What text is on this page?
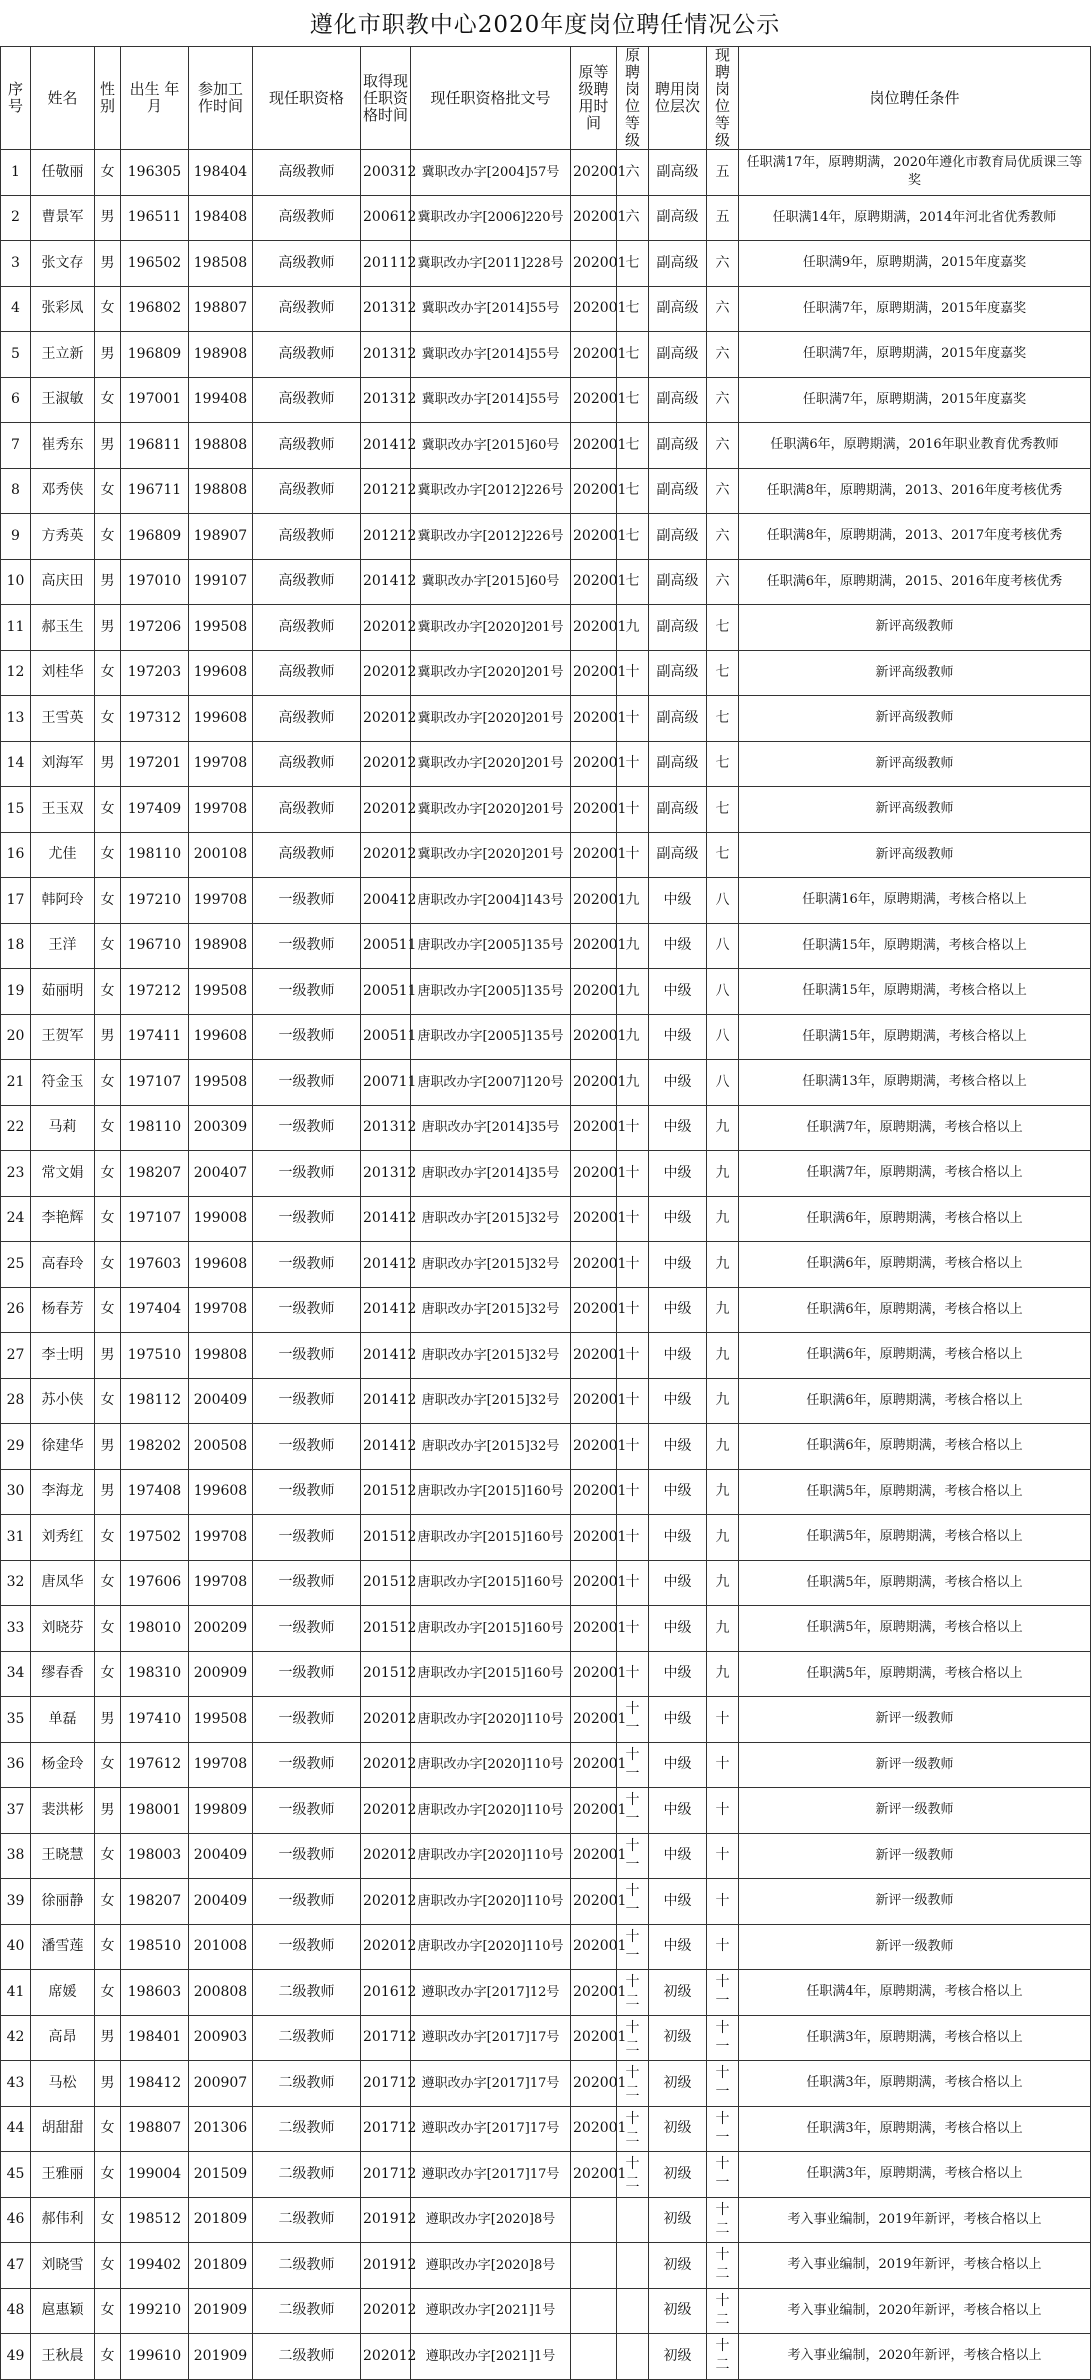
遵化市职教中心2020年度岗位聘任情况公示
序号	姓名	性别	出生 年月	参加工作时间	现任职资格	取得现任职资格时间	现任职资格批文号	原等级聘用时间	原聘岗位等级	聘用岗位层次	现聘岗位等级	岗位聘任条件
1	任敬丽	女	196305	198404	高级教师	200312	冀职改办字[2004]57号	202001	六	副高级	五	任职满17年，原聘期满，2020年遵化市教育局优质课三等奖
2	曹景军	男	196511	198408	高级教师	200612	冀职改办字[2006]220号	202001	六	副高级	五	任职满14年，原聘期满，2014年河北省优秀教师
3	张文存	男	196502	198508	高级教师	201112	冀职改办字[2011]228号	202001	七	副高级	六	任职满9年，原聘期满，2015年度嘉奖
4	张彩凤	女	196802	198807	高级教师	201312	冀职改办字[2014]55号	202001	七	副高级	六	任职满7年，原聘期满，2015年度嘉奖
5	王立新	男	196809	198908	高级教师	201312	冀职改办字[2014]55号	202001	七	副高级	六	任职满7年，原聘期满，2015年度嘉奖
6	王淑敏	女	197001	199408	高级教师	201312	冀职改办字[2014]55号	202001	七	副高级	六	任职满7年，原聘期满，2015年度嘉奖
7	崔秀东	男	196811	198808	高级教师	201412	冀职改办字[2015]60号	202001	七	副高级	六	任职满6年，原聘期满，2016年职业教育优秀教师
8	邓秀侠	女	196711	198808	高级教师	201212	冀职改办字[2012]226号	202001	七	副高级	六	任职满8年，原聘期满，2013、2016年度考核优秀
9	方秀英	女	196809	198907	高级教师	201212	冀职改办字[2012]226号	202001	七	副高级	六	任职满8年，原聘期满，2013、2017年度考核优秀
10	高庆田	男	197010	199107	高级教师	201412	冀职改办字[2015]60号	202001	七	副高级	六	任职满6年，原聘期满，2015、2016年度考核优秀
11	郝玉生	男	197206	199508	高级教师	202012	冀职改办字[2020]201号	202001	九	副高级	七	新评高级教师
12	刘桂华	女	197203	199608	高级教师	202012	冀职改办字[2020]201号	202001	十	副高级	七	新评高级教师
13	王雪英	女	197312	199608	高级教师	202012	冀职改办字[2020]201号	202001	十	副高级	七	新评高级教师
14	刘海军	男	197201	199708	高级教师	202012	冀职改办字[2020]201号	202001	十	副高级	七	新评高级教师
15	王玉双	女	197409	199708	高级教师	202012	冀职改办字[2020]201号	202001	十	副高级	七	新评高级教师
16	尤佳	女	198110	200108	高级教师	202012	冀职改办字[2020]201号	202001	十	副高级	七	新评高级教师
17	韩阿玲	女	197210	199708	一级教师	200412	唐职改办字[2004]143号	202001	九	中级	八	任职满16年，原聘期满，考核合格以上
18	王洋	女	196710	198908	一级教师	200511	唐职改办字[2005]135号	202001	九	中级	八	任职满15年，原聘期满，考核合格以上
19	茹丽明	女	197212	199508	一级教师	200511	唐职改办字[2005]135号	202001	九	中级	八	任职满15年，原聘期满，考核合格以上
20	王贺军	男	197411	199608	一级教师	200511	唐职改办字[2005]135号	202001	九	中级	八	任职满15年，原聘期满，考核合格以上
21	符金玉	女	197107	199508	一级教师	200711	唐职改办字[2007]120号	202001	九	中级	八	任职满13年，原聘期满，考核合格以上
22	马莉	女	198110	200309	一级教师	201312	唐职改办字[2014]35号	202001	十	中级	九	任职满7年，原聘期满，考核合格以上
23	常文娟	女	198207	200407	一级教师	201312	唐职改办字[2014]35号	202001	十	中级	九	任职满7年，原聘期满，考核合格以上
24	李艳辉	女	197107	199008	一级教师	201412	唐职改办字[2015]32号	202001	十	中级	九	任职满6年，原聘期满，考核合格以上
25	高春玲	女	197603	199608	一级教师	201412	唐职改办字[2015]32号	202001	十	中级	九	任职满6年，原聘期满，考核合格以上
26	杨春芳	女	197404	199708	一级教师	201412	唐职改办字[2015]32号	202001	十	中级	九	任职满6年，原聘期满，考核合格以上
27	李士明	男	197510	199808	一级教师	201412	唐职改办字[2015]32号	202001	十	中级	九	任职满6年，原聘期满，考核合格以上
28	苏小侠	女	198112	200409	一级教师	201412	唐职改办字[2015]32号	202001	十	中级	九	任职满6年，原聘期满，考核合格以上
29	徐建华	男	198202	200508	一级教师	201412	唐职改办字[2015]32号	202001	十	中级	九	任职满6年，原聘期满，考核合格以上
30	李海龙	男	197408	199608	一级教师	201512	唐职改办字[2015]160号	202001	十	中级	九	任职满5年，原聘期满，考核合格以上
31	刘秀红	女	197502	199708	一级教师	201512	唐职改办字[2015]160号	202001	十	中级	九	任职满5年，原聘期满，考核合格以上
32	唐凤华	女	197606	199708	一级教师	201512	唐职改办字[2015]160号	202001	十	中级	九	任职满5年，原聘期满，考核合格以上
33	刘晓芬	女	198010	200209	一级教师	201512	唐职改办字[2015]160号	202001	十	中级	九	任职满5年，原聘期满，考核合格以上
34	缪春香	女	198310	200909	一级教师	201512	唐职改办字[2015]160号	202001	十	中级	九	任职满5年，原聘期满，考核合格以上
35	单磊	男	197410	199508	一级教师	202012	唐职改办字[2020]110号	202001	十一	中级	十	新评一级教师
36	杨金玲	女	197612	199708	一级教师	202012	唐职改办字[2020]110号	202001	十一	中级	十	新评一级教师
37	裴洪彬	男	198001	199809	一级教师	202012	唐职改办字[2020]110号	202001	十一	中级	十	新评一级教师
38	王晓慧	女	198003	200409	一级教师	202012	唐职改办字[2020]110号	202001	十一	中级	十	新评一级教师
39	徐丽静	女	198207	200409	一级教师	202012	唐职改办字[2020]110号	202001	十一	中级	十	新评一级教师
40	潘雪莲	女	198510	201008	一级教师	202012	唐职改办字[2020]110号	202001	十一	中级	十	新评一级教师
41	席媛	女	198603	200808	二级教师	201612	遵职改办字[2017]12号	202001	十二	初级	十一	任职满4年，原聘期满，考核合格以上
42	高昂	男	198401	200903	二级教师	201712	遵职改办字[2017]17号	202001	十二	初级	十一	任职满3年，原聘期满，考核合格以上
43	马松	男	198412	200907	二级教师	201712	遵职改办字[2017]17号	202001	十二	初级	十一	任职满3年，原聘期满，考核合格以上
44	胡甜甜	女	198807	201306	二级教师	201712	遵职改办字[2017]17号	202001	十二	初级	十一	任职满3年，原聘期满，考核合格以上
45	王雅丽	女	199004	201509	二级教师	201712	遵职改办字[2017]17号	202001	十二	初级	十一	任职满3年，原聘期满，考核合格以上
46	郝伟利	女	198512	201809	二级教师	201912	遵职改办字[2020]8号			初级	十二	考入事业编制，2019年新评，考核合格以上
47	刘晓雪	女	199402	201809	二级教师	201912	遵职改办字[2020]8号			初级	十二	考入事业编制，2019年新评，考核合格以上
48	扈惠颖	女	199210	201909	二级教师	202012	遵职改办字[2021]1号			初级	十二	考入事业编制，2020年新评，考核合格以上
49	王秋晨	女	199610	201909	二级教师	202012	遵职改办字[2021]1号			初级	十二	考入事业编制，2020年新评，考核合格以上
